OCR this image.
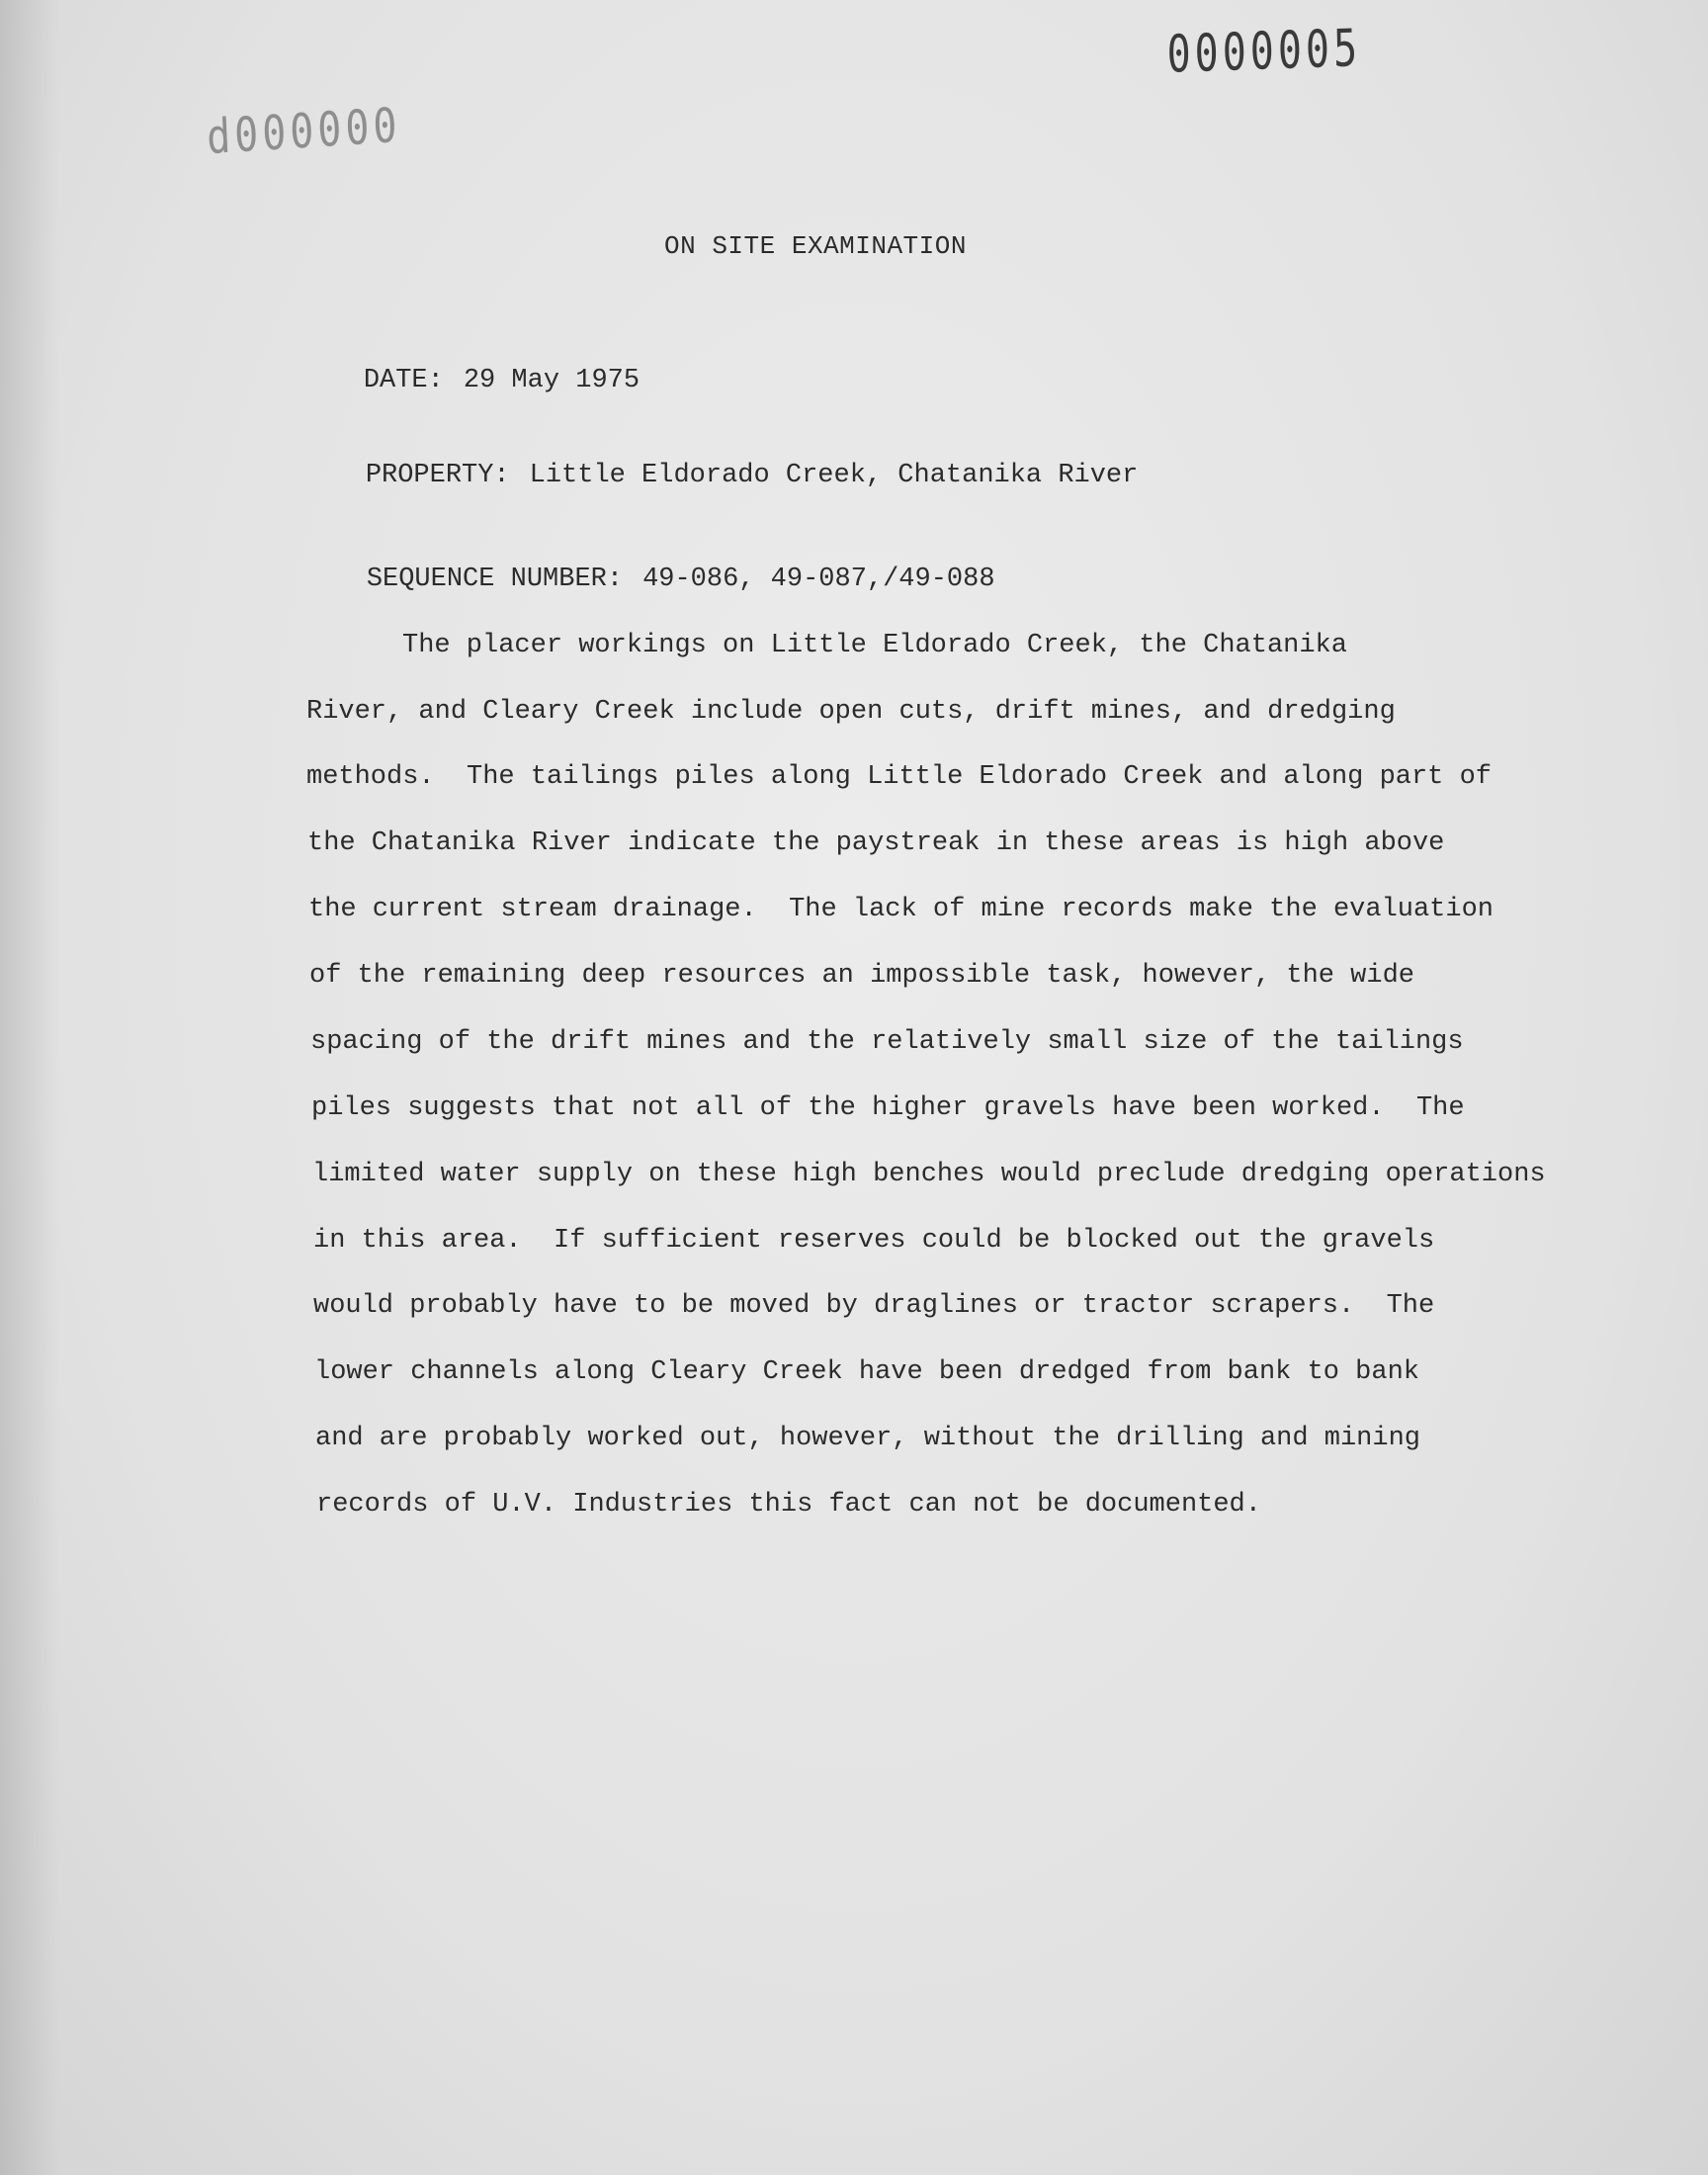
0000005
d000000
ON SITE EXAMINATION

DATE: 29 May 1975

PROPERTY: Little Eldorado Creek, Chatanika River

SEQUENCE NUMBER: 49-086, 49-087,/49-088

The placer workings on Little Eldorado Creek, the Chatanika
River, and Cleary Creek include open cuts, drift mines, and dredging
methods.  The tailings piles along Little Eldorado Creek and along part of
the Chatanika River indicate the paystreak in these areas is high above
the current stream drainage.  The lack of mine records make the evaluation
of the remaining deep resources an impossible task, however, the wide
spacing of the drift mines and the relatively small size of the tailings
piles suggests that not all of the higher gravels have been worked.  The
limited water supply on these high benches would preclude dredging operations
in this area.  If sufficient reserves could be blocked out the gravels
would probably have to be moved by draglines or tractor scrapers.  The
lower channels along Cleary Creek have been dredged from bank to bank
and are probably worked out, however, without the drilling and mining
records of U.V. Industries this fact can not be documented.
